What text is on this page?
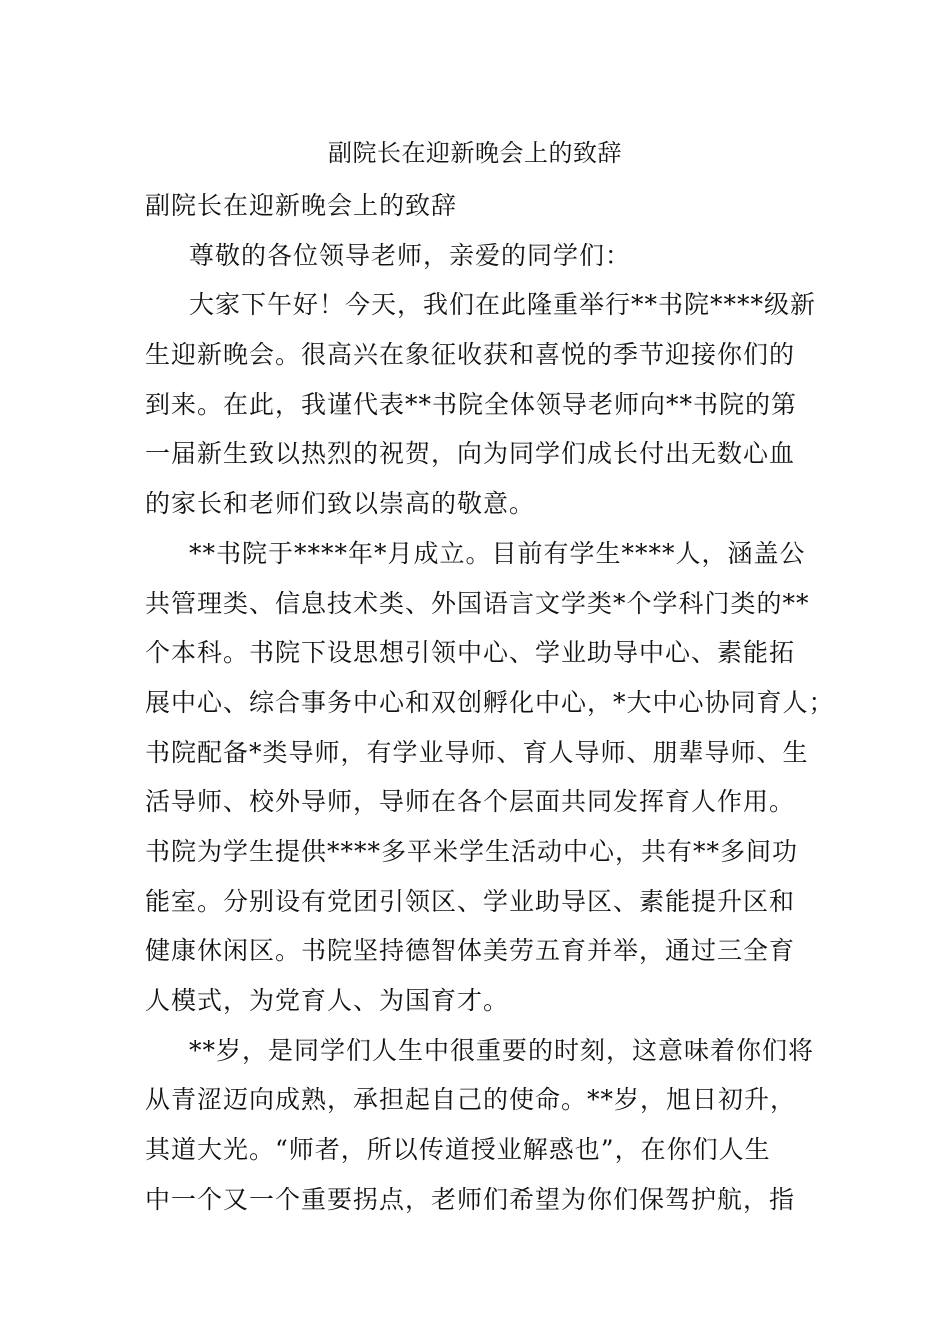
副院长在迎新晚会上的致辞
副院长在迎新晚会上的致辞
尊敬的各位领导老师，亲爱的同学们：
大家下午好！今天，我们在此隆重举行**书院****级新
生迎新晚会。很高兴在象征收获和喜悦的季节迎接你们的
到来。在此，我谨代表**书院全体领导老师向**书院的第
一届新生致以热烈的祝贺，向为同学们成长付出无数心血
的家长和老师们致以崇高的敬意。
**书院于****年*月成立。目前有学生****人，涵盖公
共管理类、信息技术类、外国语言文学类*个学科门类的**
个本科。书院下设思想引领中心、学业助导中心、素能拓
展中心、综合事务中心和双创孵化中心，*大中心协同育人；
书院配备*类导师，有学业导师、育人导师、朋辈导师、生
活导师、校外导师，导师在各个层面共同发挥育人作用。
书院为学生提供****多平米学生活动中心，共有**多间功
能室。分别设有党团引领区、学业助导区、素能提升区和
健康休闲区。书院坚持德智体美劳五育并举，通过三全育
人模式，为党育人、为国育才。
**岁，是同学们人生中很重要的时刻，这意味着你们将
从青涩迈向成熟，承担起自己的使命。**岁，旭日初升，
其道大光。“师者，所以传道授业解惑也”，在你们人生
中一个又一个重要拐点，老师们希望为你们保驾护航，指
